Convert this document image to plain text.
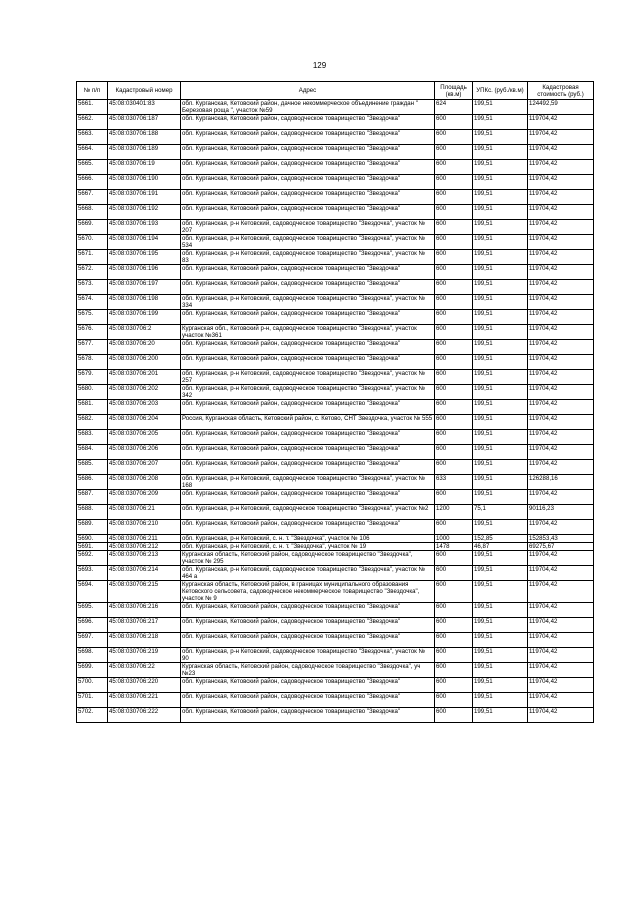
129
№ п/п	Кадастровый номер	Адрес	Площадь (кв.м)	УПКс. (руб./кв.м)	Кадастровая стоимость (руб.)
5661.	45:08:030401:83	обл. Курганская, Кетовский район, дачное некоммерческое объединение граждан " Березовая роща ", участок №59	624	199,51	124492,59
5662.	45:08:030706:187	обл. Курганская, Кетовский район, садоводческое товарищество "Звездочка"	600	199,51	119704,42
5663.	45:08:030706:188	обл. Курганская, Кетовский район, садоводческое товарищество "Звездочка"	600	199,51	119704,42
5664.	45:08:030706:189	обл. Курганская, Кетовский район, садоводческое товарищество "Звездочка"	600	199,51	119704,42
5665.	45:08:030706:19	обл. Курганская, Кетовский район, садоводческое товарищество "Звездочка"	600	199,51	119704,42
5666.	45:08:030706:190	обл. Курганская, Кетовский район, садоводческое товарищество "Звездочка"	600	199,51	119704,42
5667.	45:08:030706:191	обл. Курганская, Кетовский район, садоводческое товарищество "Звездочка"	600	199,51	119704,42
5668.	45:08:030706:192	обл. Курганская, Кетовский район, садоводческое товарищество "Звездочка"	600	199,51	119704,42
5669.	45:08:030706:193	обл. Курганская, р-н Кетовский, садоводческое товарищество "Звездочка", участок № 207	600	199,51	119704,42
5670.	45:08:030706:194	обл. Курганская, р-н Кетовский, садоводческое товарищество "Звездочка", участок № 534	600	199,51	119704,42
5671.	45:08:030706:195	обл. Курганская, р-н Кетовский, садоводческое товарищество "Звездочка", участок № 83	600	199,51	119704,42
5672.	45:08:030706:196	обл. Курганская, Кетовский район, садоводческое товарищество "Звездочка"	600	199,51	119704,42
5673.	45:08:030706:197	обл. Курганская, Кетовский район, садоводческое товарищество "Звездочка"	600	199,51	119704,42
5674.	45:08:030706:198	обл. Курганская, р-н Кетовский, садоводческое товарищество "Звездочка", участок № 334	600	199,51	119704,42
5675.	45:08:030706:199	обл. Курганская, Кетовский район, садоводческое товарищество "Звездочка"	600	199,51	119704,42
5676.	45:08:030706:2	Курганская обл., Кетовский р-н, садоводческое товарищество "Звездочка", участок участок №361	600	199,51	119704,42
5677.	45:08:030706:20	обл. Курганская, Кетовский район, садоводческое товарищество "Звездочка"	600	199,51	119704,42
5678.	45:08:030706:200	обл. Курганская, Кетовский район, садоводческое товарищество "Звездочка"	600	199,51	119704,42
5679.	45:08:030706:201	обл. Курганская, р-н Кетовский, садоводческое товарищество "Звездочка", участок № 257	600	199,51	119704,42
5680.	45:08:030706:202	обл. Курганская, р-н Кетовский, садоводческое товарищество "Звездочка", участок № 342	600	199,51	119704,42
5681.	45:08:030706:203	обл. Курганская, Кетовский район, садоводческое товарищество "Звездочка"	600	199,51	119704,42
5682.	45:08:030706:204	Россия, Курганская область, Кетовский район, с. Кетово, СНТ Звездочка, участок № 555	600	199,51	119704,42
5683.	45:08:030706:205	обл. Курганская, Кетовский район, садоводческое товарищество "Звездочка"	600	199,51	119704,42
5684.	45:08:030706:206	обл. Курганская, Кетовский район, садоводческое товарищество "Звездочка"	600	199,51	119704,42
5685.	45:08:030706:207	обл. Курганская, Кетовский район, садоводческое товарищество "Звездочка"	600	199,51	119704,42
5686.	45:08:030706:208	обл. Курганская, р-н Кетовский, садоводческое товарищество "Звездочка", участок № 168	633	199,51	126288,16
5687.	45:08:030706:209	обл. Курганская, Кетовский район, садоводческое товарищество "Звездочка"	600	199,51	119704,42
5688.	45:08:030706:21	обл. Курганская, р-н Кетовский, садоводческое товарищество "Звездочка", участок №2	1200	75,1	90116,23
5689.	45:08:030706:210	обл. Курганская, Кетовский район, садоводческое товарищество "Звездочка"	600	199,51	119704,42
5690.	45:08:030706:211	обл. Курганская, р-н Кетовский, с. н. т. "Звездочка", участок № 106	1000	152,85	152853,43
5691.	45:08:030706:212	обл. Курганская, р-н Кетовский, с. н. т. "Звездочка", участок № 19	1478	46,87	69275,67
5692.	45:08:030706:213	Курганская область, Кетовский район, садоводческое товарищество "Звездочка", участок № 295	600	199,51	119704,42
5693.	45:08:030706:214	обл. Курганская, р-н Кетовский, садоводческое товарищество "Звездочка", участок № 464 а	600	199,51	119704,42
5694.	45:08:030706:215	Курганская область, Кетовский район, в границах муниципального образования Кетовского сельсовета, садоводческое некоммерческое товарищество "Звездочка", участок № 9	600	199,51	119704,42
5695.	45:08:030706:216	обл. Курганская, Кетовский район, садоводческое товарищество "Звездочка"	600	199,51	119704,42
5696.	45:08:030706:217	обл. Курганская, Кетовский район, садоводческое товарищество "Звездочка"	600	199,51	119704,42
5697.	45:08:030706:218	обл. Курганская, Кетовский район, садоводческое товарищество "Звездочка"	600	199,51	119704,42
5698.	45:08:030706:219	обл. Курганская, р-н Кетовский, садоводческое товарищество "Звездочка", участок № 90	600	199,51	119704,42
5699.	45:08:030706:22	Курганская область, Кетовский район, садоводческое товарищество "Звездочка", уч №23	600	199,51	119704,42
5700.	45:08:030706:220	обл. Курганская, Кетовский район, садоводческое товарищество "Звездочка"	600	199,51	119704,42
5701.	45:08:030706:221	обл. Курганская, Кетовский район, садоводческое товарищество "Звездочка"	600	199,51	119704,42
5702.	45:08:030706:222	обл. Курганская, Кетовский район, садоводческое товарищество "Звездочка"	600	199,51	119704,42
